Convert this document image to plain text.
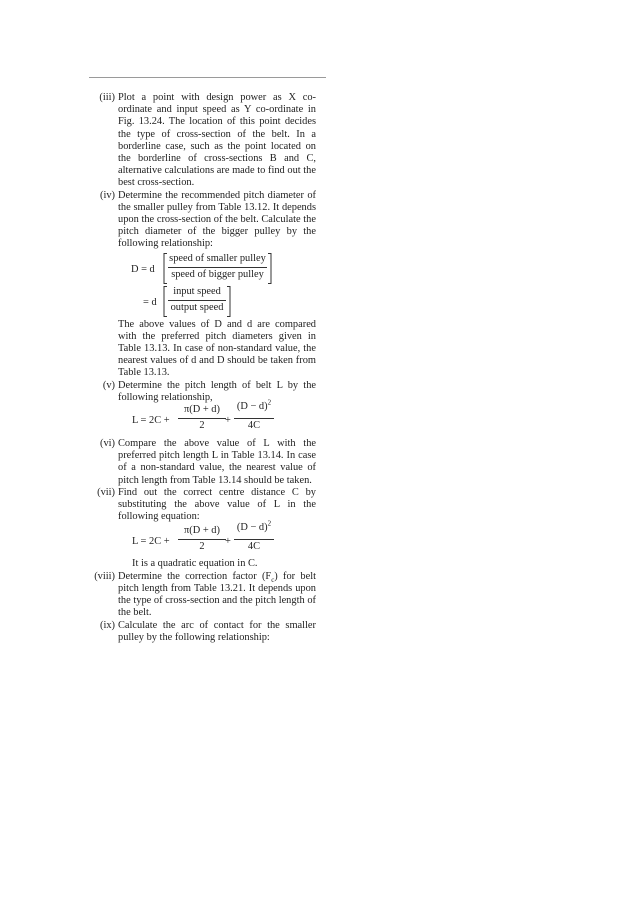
(iii) Plot a point with design power as X co-ordinate and input speed as Y co-ordinate in Fig. 13.24. The location of this point decides the type of cross-section of the belt. In a borderline case, such as the point located on the borderline of cross-sections B and C, alternative calculations are made to find out the best cross-section.

(iv) Determine the recommended pitch diameter of the smaller pulley from Table 13.12. It depends upon the cross-section of the belt. Calculate the pitch diameter of the bigger pulley by the following relationship:

D = d
speed of smaller pulley
speed of bigger pulley
= d
input speed
output speed

The above values of D and d are compared with the preferred pitch diameters given in Table 13.13. In case of non-standard value, the nearest values of d and D should be taken from Table 13.13.

(v) Determine the pitch length of belt L by the following relationship,

L = 2C +
π(D + d)
2	+
$(D - d)^2$
4C
(vi) Compare the above value of L with the preferred pitch length L in Table 13.14. In case of a non-standard value, the nearest value of pitch length from Table 13.14 should be taken.

(vii) Find out the correct centre distance C by substituting the above value of L in the following equation:

L = 2C +
π(D + d)
2	+
$(D - d)^2$
4C

It is a quadratic equation in C.

(viii) Determine the correction factor $(F_c)$ for belt pitch length from Table 13.21. It depends upon the type of cross-section and the pitch length of the belt.

(ix) Calculate the arc of contact for the smaller pulley by the following relationship:
